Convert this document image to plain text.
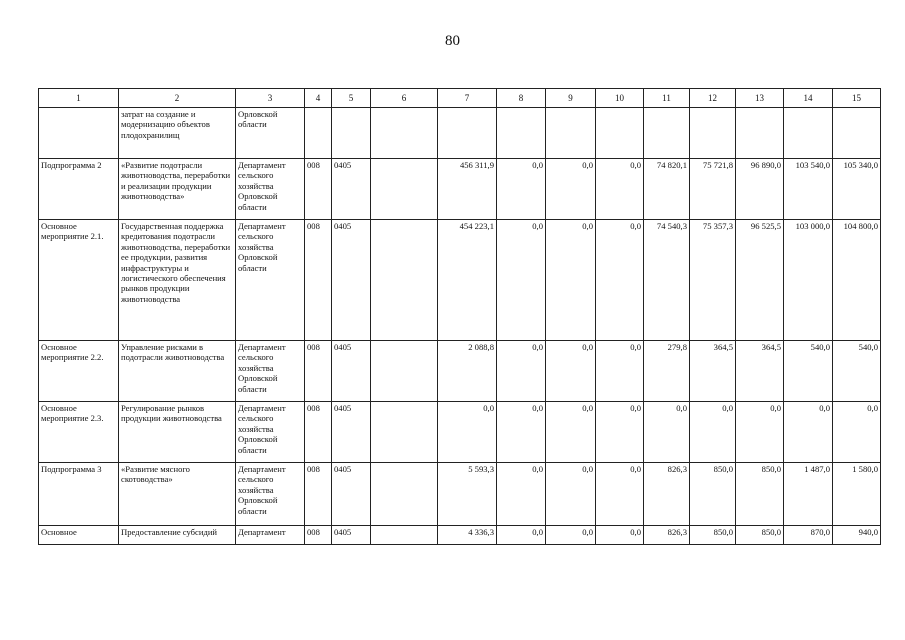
80
1	2	3	4	5	6	7	8	9	10	11	12	13	14	15
	затрат на создание и модернизацию объектов плодохранилищ	Орловской области												
Подпрограмма 2	«Развитие подотрасли животноводства, переработки и реализации продукции животноводства»	Департамент сельского хозяйства Орловской области	008	0405		456 311,9	0,0	0,0	0,0	74 820,1	75 721,8	96 890,0	103 540,0	105 340,0
Основное мероприятие 2.1.	Государственная поддержка кредитования подотрасли животноводства, переработки ее продукции, развития инфраструктуры и логистического обеспечения рынков продукции животноводства	Департамент сельского хозяйства Орловской области	008	0405		454 223,1	0,0	0,0	0,0	74 540,3	75 357,3	96 525,5	103 000,0	104 800,0
Основное мероприятие 2.2.	Управление рисками в подотрасли животноводства	Департамент сельского хозяйства Орловской области	008	0405		2 088,8	0,0	0,0	0,0	279,8	364,5	364,5	540,0	540,0
Основное мероприятие 2.3.	Регулирование рынков продукции животноводства	Департамент сельского хозяйства Орловской области	008	0405		0,0	0,0	0,0	0,0	0,0	0,0	0,0	0,0	0,0
Подпрограмма 3	«Развитие мясного скотоводства»	Департамент сельского хозяйства Орловской области	008	0405		5 593,3	0,0	0,0	0,0	826,3	850,0	850,0	1 487,0	1 580,0
Основное	Предоставление субсидий	Департамент	008	0405		4 336,3	0,0	0,0	0,0	826,3	850,0	850,0	870,0	940,0
